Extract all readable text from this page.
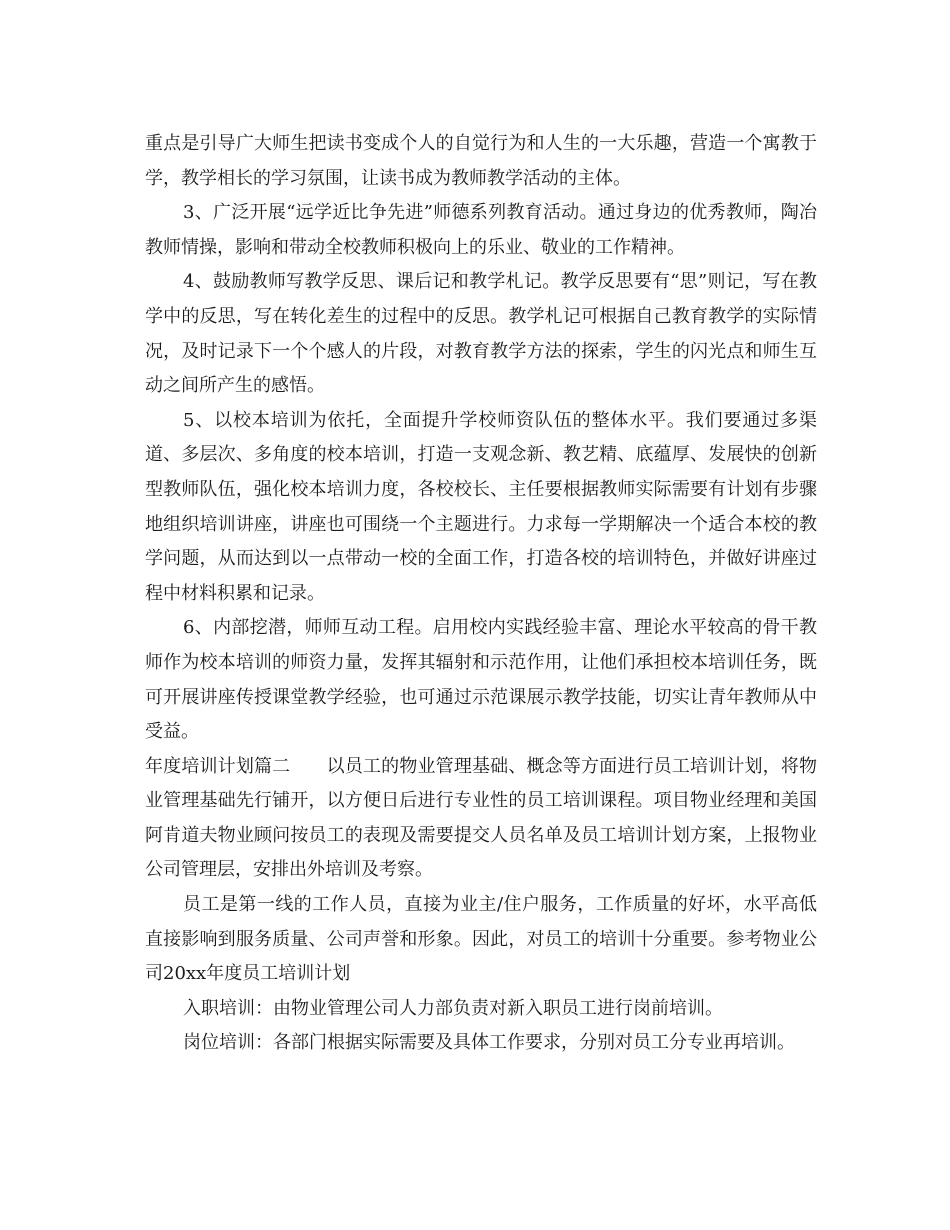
重点是引导广大师生把读书变成个人的自觉行为和人生的一大乐趣，营造一个寓教于学，教学相长的学习氛围，让读书成为教师教学活动的主体。

3、广泛开展“远学近比争先进”师德系列教育活动。通过身边的优秀教师，陶冶教师情操，影响和带动全校教师积极向上的乐业、敬业的工作精神。

4、鼓励教师写教学反思、课后记和教学札记。教学反思要有“思”则记，写在教学中的反思，写在转化差生的过程中的反思。教学札记可根据自己教育教学的实际情况，及时记录下一个个感人的片段，对教育教学方法的探索，学生的闪光点和师生互动之间所产生的感悟。

5、以校本培训为依托，全面提升学校师资队伍的整体水平。我们要通过多渠道、多层次、多角度的校本培训，打造一支观念新、教艺精、底蕴厚、发展快的创新型教师队伍，强化校本培训力度，各校校长、主任要根据教师实际需要有计划有步骤地组织培训讲座，讲座也可围绕一个主题进行。力求每一学期解决一个适合本校的教学问题，从而达到以一点带动一校的全面工作，打造各校的培训特色，并做好讲座过程中材料积累和记录。

6、内部挖潜，师师互动工程。启用校内实践经验丰富、理论水平较高的骨干教师作为校本培训的师资力量，发挥其辐射和示范作用，让他们承担校本培训任务，既可开展讲座传授课堂教学经验，也可通过示范课展示教学技能，切实让青年教师从中受益。

年度培训计划篇二　　以员工的物业管理基础、概念等方面进行员工培训计划，将物业管理基础先行铺开，以方便日后进行专业性的员工培训课程。项目物业经理和美国阿肯道夫物业顾问按员工的表现及需要提交人员名单及员工培训计划方案，上报物业公司管理层，安排出外培训及考察。

员工是第一线的工作人员，直接为业主/住户服务，工作质量的好坏，水平高低直接影响到服务质量、公司声誉和形象。因此，对员工的培训十分重要。参考物业公司20xx年度员工培训计划

入职培训：由物业管理公司人力部负责对新入职员工进行岗前培训。

岗位培训：各部门根据实际需要及具体工作要求，分别对员工分专业再培训。
